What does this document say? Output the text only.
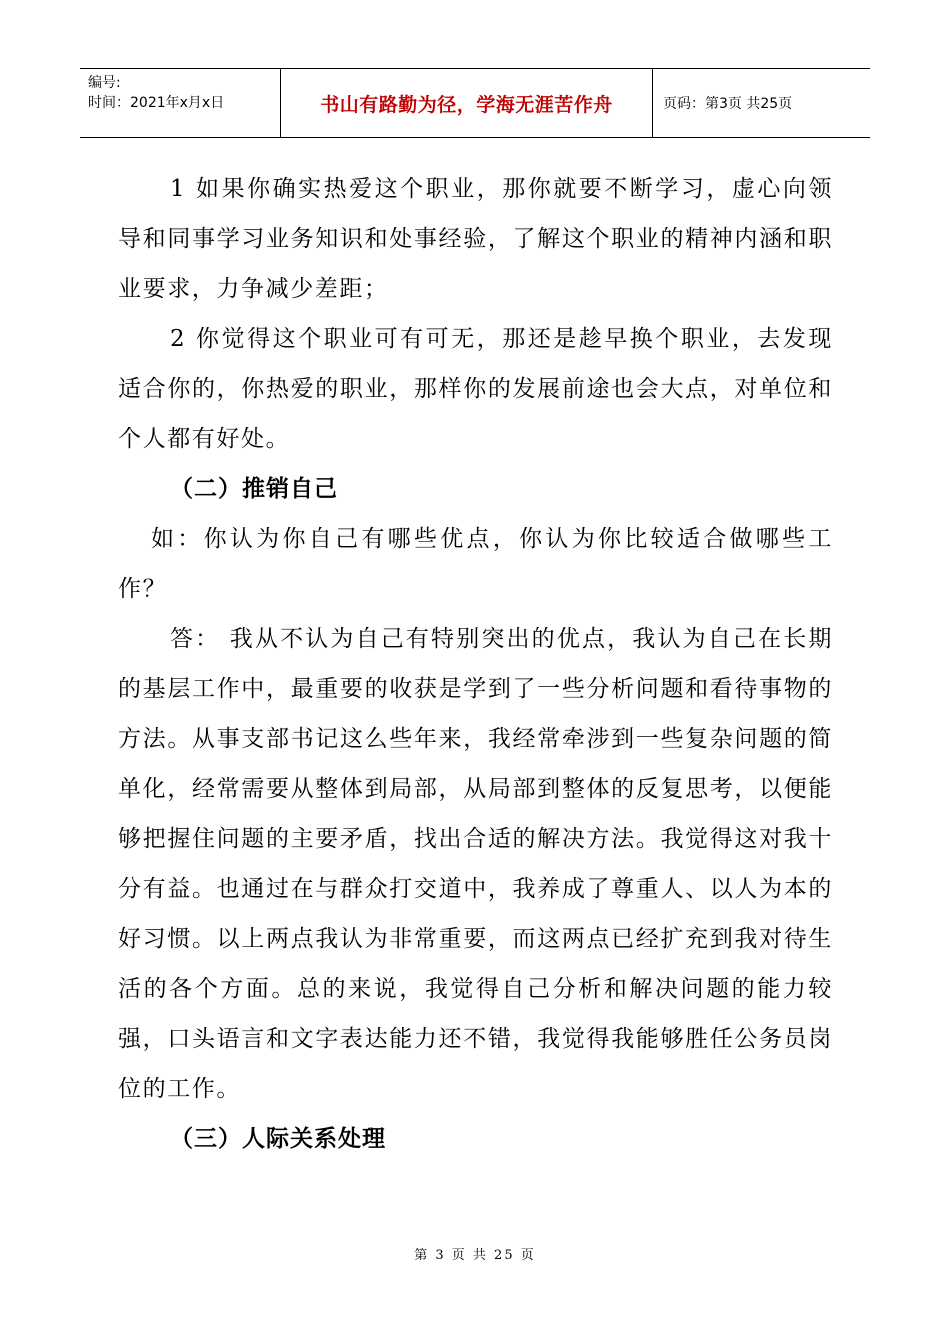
编号:
时间：2021年x月x日	书山有路勤为径，学海无涯苦作舟	页码：第3页 共25页

1 如果你确实热爱这个职业，那你就要不断学习，虚心向领导和同事学习业务知识和处事经验，了解这个职业的精神内涵和职业要求，力争减少差距；

2 你觉得这个职业可有可无，那还是趁早换个职业，去发现适合你的，你热爱的职业，那样你的发展前途也会大点，对单位和个人都有好处。

（二）推销自己

如：你认为你自己有哪些优点，你认为你比较适合做哪些工作？

答： 我从不认为自己有特别突出的优点，我认为自己在长期的基层工作中，最重要的收获是学到了一些分析问题和看待事物的方法。从事支部书记这么些年来，我经常牵涉到一些复杂问题的简单化，经常需要从整体到局部，从局部到整体的反复思考，以便能够把握住问题的主要矛盾，找出合适的解决方法。我觉得这对我十分有益。也通过在与群众打交道中，我养成了尊重人、以人为本的好习惯。以上两点我认为非常重要，而这两点已经扩充到我对待生活的各个方面。总的来说，我觉得自己分析和解决问题的能力较强，口头语言和文字表达能力还不错，我觉得我能够胜任公务员岗位的工作。

（三）人际关系处理

第 3 页 共 25 页
